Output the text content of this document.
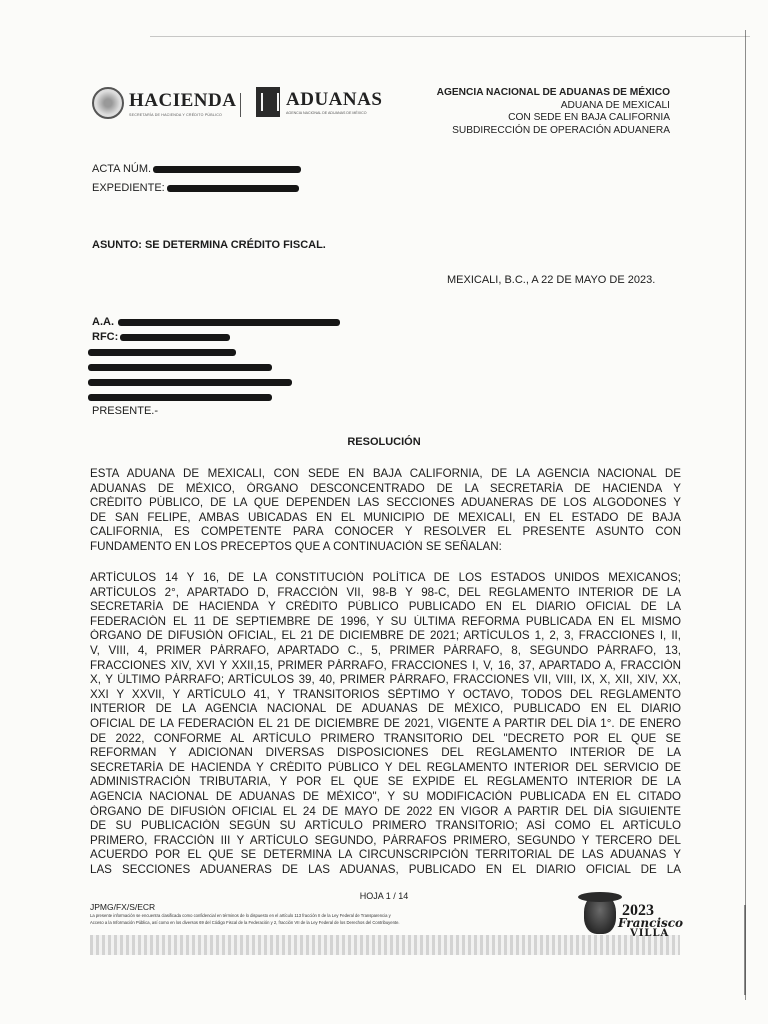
HACIENDA
SECRETARÍA DE HACIENDA Y CRÉDITO PÚBLICO
ADUANAS
AGENCIA NACIONAL DE ADUANAS DE MÉXICO
AGENCIA NACIONAL DE ADUANAS DE MÉXICO
ADUANA DE MEXICALI
CON SEDE EN BAJA CALIFORNIA
SUBDIRECCIÓN DE OPERACIÓN ADUANERA
ACTA NÚM.
EXPEDIENTE:
ASUNTO: SE DETERMINA CRÉDITO FISCAL.
MEXICALI, B.C., A 22 DE MAYO DE 2023.
A.A.
RFC:
PRESENTE.-
RESOLUCIÓN
ESTA ADUANA DE MEXICALI, CON SEDE EN BAJA CALIFORNIA, DE LA AGENCIA NACIONAL DE
ADUANAS DE MÉXICO, ÓRGANO DESCONCENTRADO DE LA SECRETARÍA DE HACIENDA Y
CRÉDITO PÚBLICO, DE LA QUE DEPENDEN LAS SECCIONES ADUANERAS DE LOS ALGODONES Y
DE SAN FELIPE, AMBAS UBICADAS EN EL MUNICIPIO DE MEXICALI, EN EL ESTADO DE BAJA
CALIFORNIA, ES COMPETENTE PARA CONOCER Y RESOLVER EL PRESENTE ASUNTO CON
FUNDAMENTO EN LOS PRECEPTOS QUE A CONTINUACIÓN SE SEÑALAN:
ARTÍCULOS 14 Y 16, DE LA CONSTITUCIÓN POLÍTICA DE LOS ESTADOS UNIDOS MEXICANOS;
ARTÍCULOS 2°, APARTADO D, FRACCIÓN VII, 98-B Y 98-C, DEL REGLAMENTO INTERIOR DE LA
SECRETARÍA DE HACIENDA Y CRÉDITO PÚBLICO PUBLICADO EN EL DIARIO OFICIAL DE LA
FEDERACIÓN EL 11 DE SEPTIEMBRE DE 1996, Y SU ÚLTIMA REFORMA PUBLICADA EN EL MISMO
ÓRGANO DE DIFUSIÓN OFICIAL, EL 21 DE DICIEMBRE DE 2021; ARTÍCULOS 1, 2, 3, FRACCIONES I, II,
V, VIII, 4, PRIMER PÁRRAFO, APARTADO C., 5, PRIMER PÁRRAFO, 8, SEGUNDO PÁRRAFO, 13,
FRACCIONES XIV, XVI Y XXII,15, PRIMER PÁRRAFO, FRACCIONES I, V, 16, 37, APARTADO A, FRACCIÓN
X, Y ÚLTIMO PÁRRAFO; ARTÍCULOS 39, 40, PRIMER PÁRRAFO, FRACCIONES VII, VIII, IX, X, XII, XIV, XX,
XXI Y XXVII, Y ARTÍCULO 41, Y TRANSITORIOS SÉPTIMO Y OCTAVO, TODOS DEL REGLAMENTO
INTERIOR DE LA AGENCIA NACIONAL DE ADUANAS DE MÉXICO, PUBLICADO EN EL DIARIO
OFICIAL DE LA FEDERACIÓN EL 21 DE DICIEMBRE DE 2021, VIGENTE A PARTIR DEL DÍA 1°. DE ENERO
DE 2022, CONFORME AL ARTÍCULO PRIMERO TRANSITORIO DEL "DECRETO POR EL QUE SE
REFORMAN Y ADICIONAN DIVERSAS DISPOSICIONES DEL REGLAMENTO INTERIOR DE LA
SECRETARÍA DE HACIENDA Y CRÉDITO PÚBLICO Y DEL REGLAMENTO INTERIOR DEL SERVICIO DE
ADMINISTRACIÓN TRIBUTARIA, Y POR EL QUE SE EXPIDE EL REGLAMENTO INTERIOR DE LA
AGENCIA NACIONAL DE ADUANAS DE MÉXICO", Y SU MODIFICACIÓN PUBLICADA EN EL CITADO
ÓRGANO DE DIFUSIÓN OFICIAL EL 24 DE MAYO DE 2022 EN VIGOR A PARTIR DEL DÍA SIGUIENTE
DE SU PUBLICACIÓN SEGÚN SU ARTÍCULO PRIMERO TRANSITORIO; ASÍ COMO EL ARTÍCULO
PRIMERO, FRACCIÓN III Y ARTÍCULO SEGUNDO, PÁRRAFOS PRIMERO, SEGUNDO Y TERCERO DEL
ACUERDO POR EL QUE SE DETERMINA LA CIRCUNSCRIPCIÓN TERRITORIAL DE LAS ADUANAS Y
LAS SECCIONES ADUANERAS DE LAS ADUANAS, PUBLICADO EN EL DIARIO OFICIAL DE LA
HOJA 1 / 14
JPMG/FX/S/ECR
La presente información se encuentra clasificada como confidencial en términos de lo dispuesto en el artículo 113 fracción II de la Ley Federal de Transparencia y
Acceso a la Información Pública, así como en los diversos 69 del Código Fiscal de la Federación y 2, fracción VII de la Ley Federal de los Derechos del Contribuyente.
2023
Francisco
VILLA
